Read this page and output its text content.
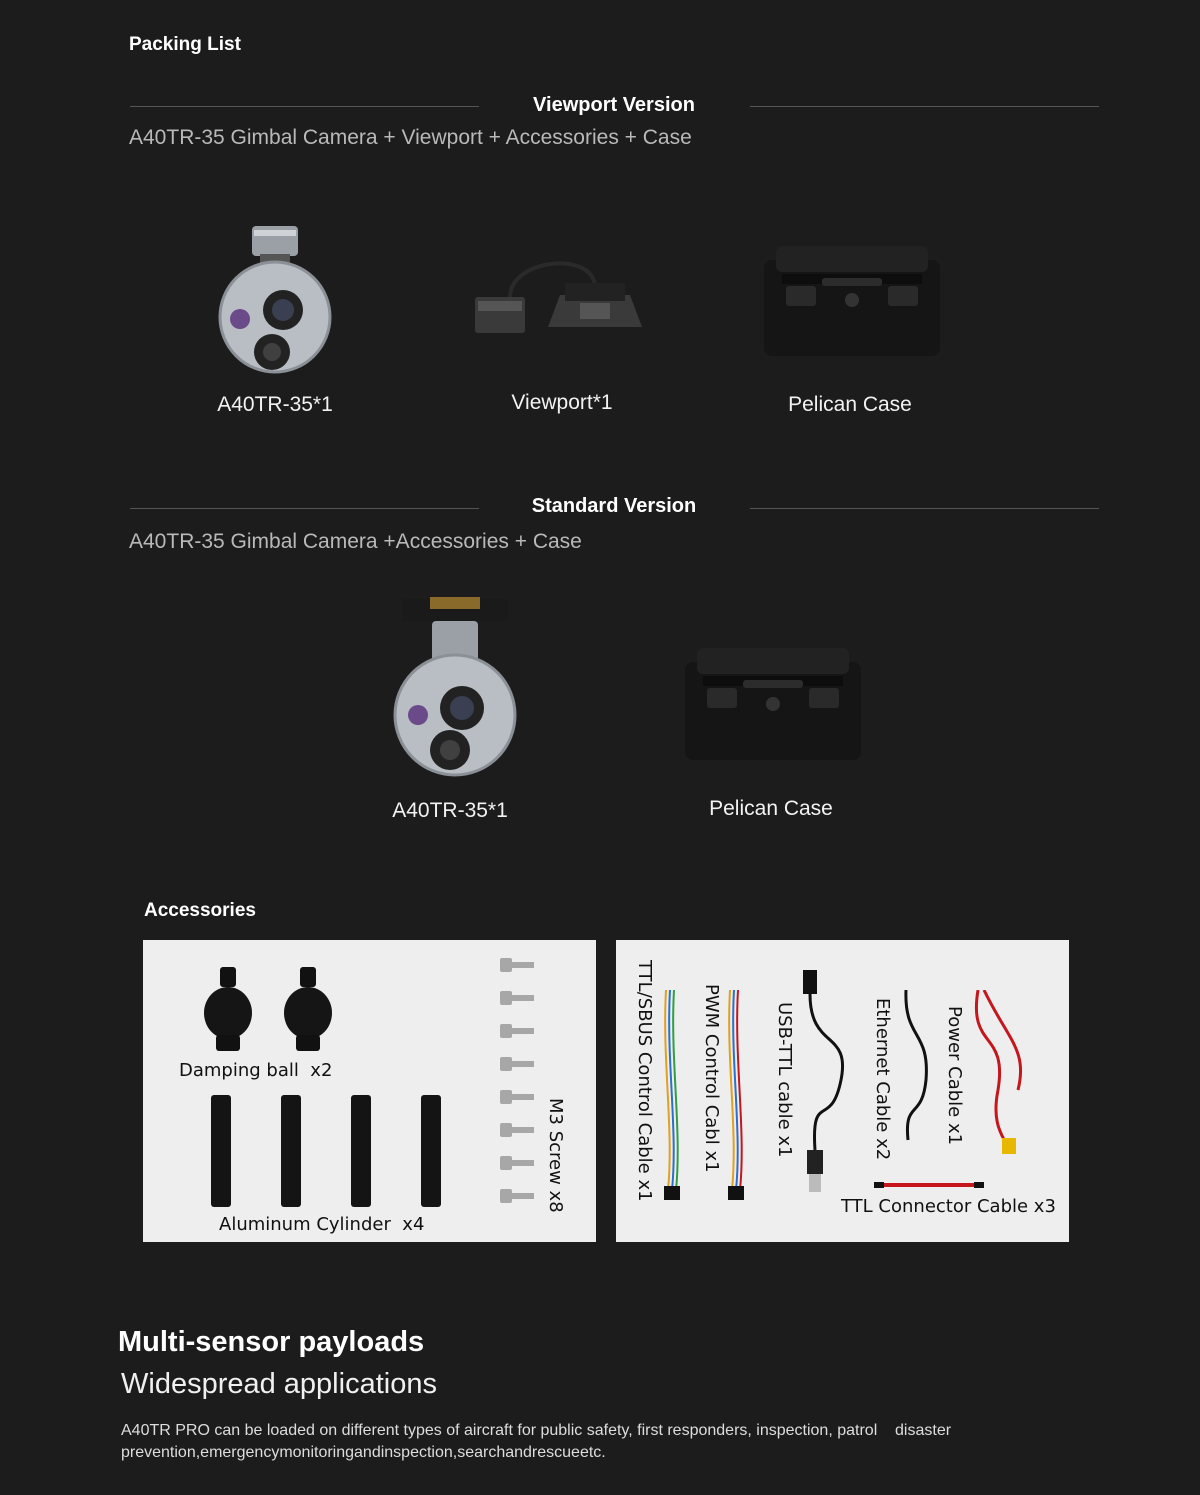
Packing List
Viewport Version
A40TR-35 Gimbal Camera + Viewport + Accessories + Case
A40TR-35*1	Viewport*1	Pelican Case
Standard Version
A40TR-35 Gimbal Camera +Accessories + Case
A40TR-35*1	Pelican Case
Accessories
Damping ball  x2
Aluminum Cylinder  x4
M3 Screw x8	TTL/SBUS Control Cable x1	PWM Control Cabl x1	USB-TTL cable x1	Ethernet Cable x2	Power Cable x1
TTL Connector Cable x3
Multi-sensor payloads
Widespread applications
A40TR PRO can be loaded on different types of aircraft for public safety, first responders, inspection, patrol    disaster
prevention,emergencymonitoringandinspection,searchandrescueetc.
